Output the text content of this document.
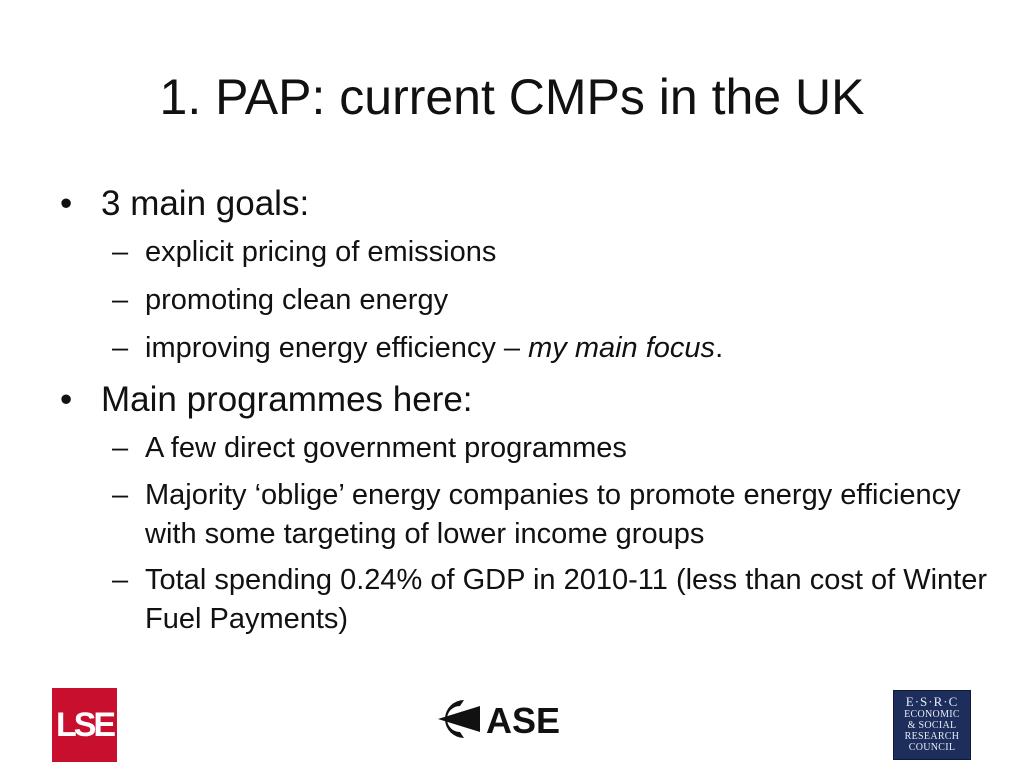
1. PAP: current CMPs in the UK
• 3 main goals:
– explicit pricing of emissions
– promoting clean energy
– improving energy efficiency – my main focus.
• Main programmes here:
– A few direct government programmes
– Majority ‘oblige’ energy companies to promote energy efficiency with some targeting of lower income groups
– Total spending 0.24% of GDP in 2010-11 (less than cost of Winter Fuel Payments)
LSE	ASE	E·S·R·C
ECONOMIC
& SOCIAL
RESEARCH
COUNCIL
